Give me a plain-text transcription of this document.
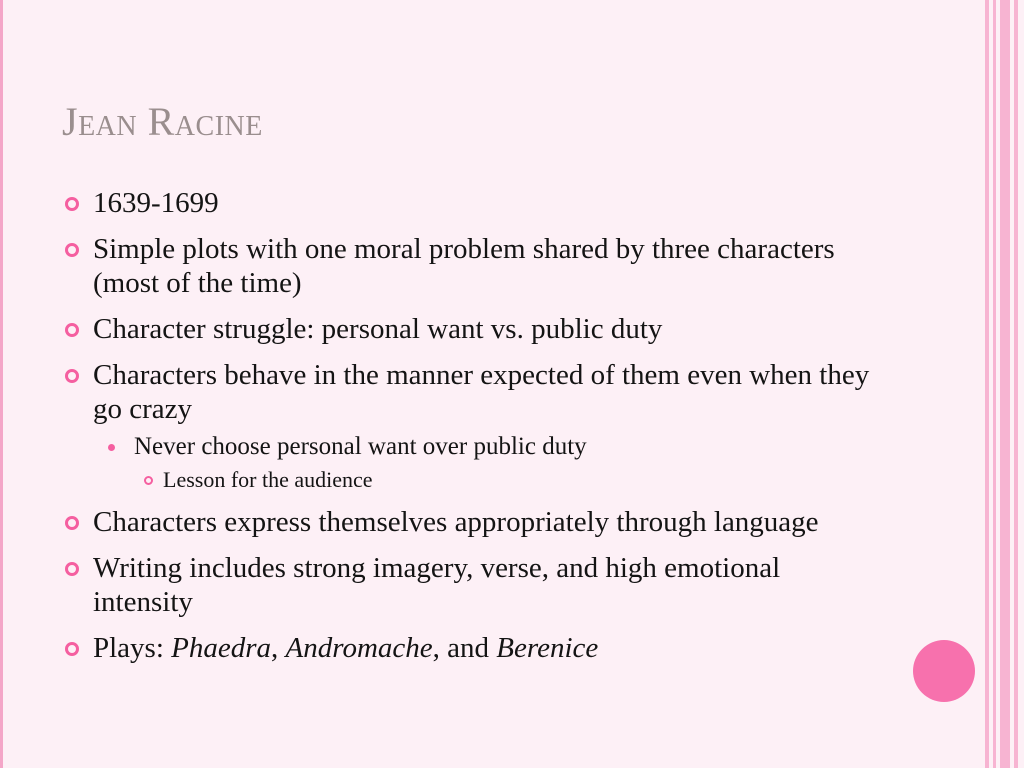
Jean Racine
1639-1699
Simple plots with one moral problem shared by three characters (most of the time)
Character struggle: personal want vs. public duty
Characters behave in the manner expected of them even when they go crazy
Never choose personal want over public duty
Lesson for the audience
Characters express themselves appropriately through language
Writing includes strong imagery, verse, and high emotional intensity
Plays: Phaedra, Andromache, and Berenice
